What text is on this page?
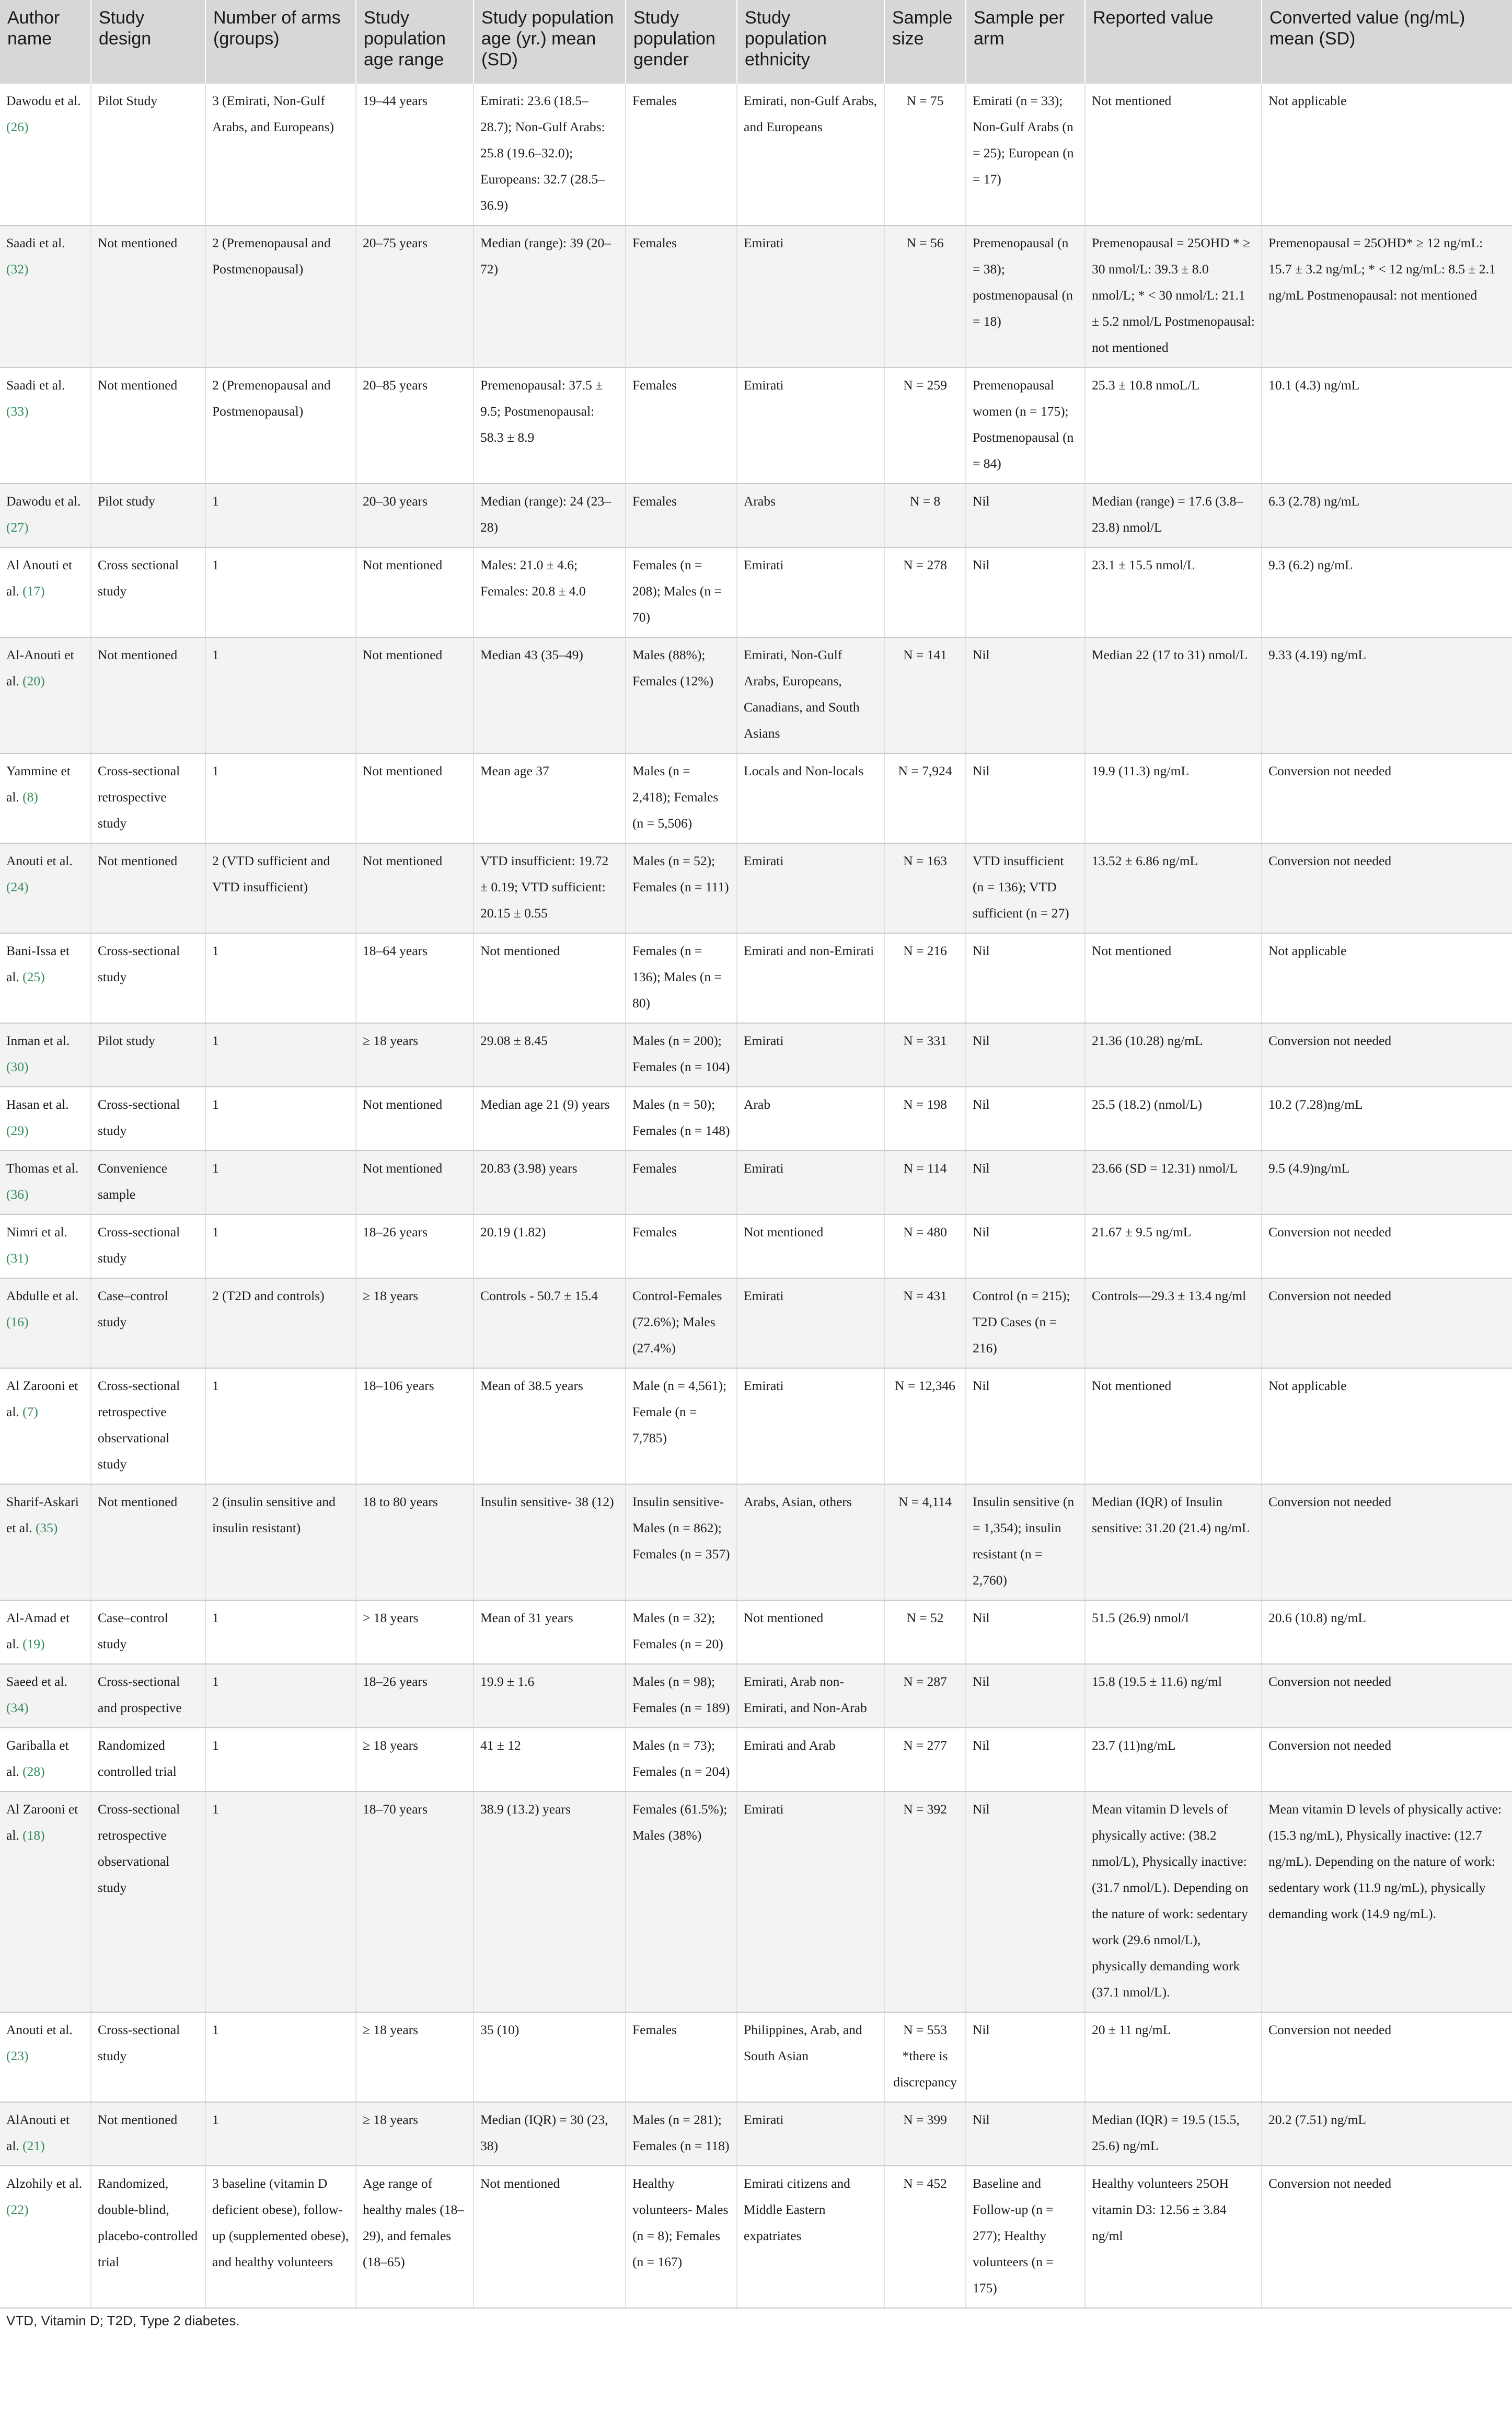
Author name	Study design	Number of arms (groups)	Study population age range	Study population age (yr.) mean (SD)	Study population gender	Study population ethnicity	Sample size	Sample per arm	Reported value	Converted value (ng/mL) mean (SD)
Dawodu et al. (26)	Pilot Study	3 (Emirati, Non-Gulf Arabs, and Europeans)	19–44 years	Emirati: 23.6 (18.5–28.7); Non-Gulf Arabs: 25.8 (19.6–32.0); Europeans: 32.7 (28.5–36.9)	Females	Emirati, non-Gulf Arabs, and Europeans	N = 75	Emirati (n = 33); Non-Gulf Arabs (n = 25); European (n = 17)	Not mentioned	Not applicable
Saadi et al. (32)	Not mentioned	2 (Premenopausal and Postmenopausal)	20–75 years	Median (range): 39 (20–72)	Females	Emirati	N = 56	Premenopausal (n = 38); postmenopausal (n = 18)	Premenopausal = 25OHD * ≥ 30 nmol/L: 39.3 ± 8.0 nmol/L; * < 30 nmol/L: 21.1 ± 5.2 nmol/L Postmenopausal: not mentioned	Premenopausal = 25OHD* ≥ 12 ng/mL: 15.7 ± 3.2 ng/mL; * < 12 ng/mL: 8.5 ± 2.1 ng/mL Postmenopausal: not mentioned
Saadi et al. (33)	Not mentioned	2 (Premenopausal and Postmenopausal)	20–85 years	Premenopausal: 37.5 ± 9.5; Postmenopausal: 58.3 ± 8.9	Females	Emirati	N = 259	Premenopausal women (n = 175); Postmenopausal (n = 84)	25.3 ± 10.8 nmoL/L	10.1 (4.3) ng/mL
Dawodu et al. (27)	Pilot study	1	20–30 years	Median (range): 24 (23–28)	Females	Arabs	N = 8	Nil	Median (range) = 17.6 (3.8–23.8) nmol/L	6.3 (2.78) ng/mL
Al Anouti et al. (17)	Cross sectional study	1	Not mentioned	Males: 21.0 ± 4.6; Females: 20.8 ± 4.0	Females (n = 208); Males (n = 70)	Emirati	N = 278	Nil	23.1 ± 15.5 nmol/L	9.3 (6.2) ng/mL
Al-Anouti et al. (20)	Not mentioned	1	Not mentioned	Median 43 (35–49)	Males (88%); Females (12%)	Emirati, Non-Gulf Arabs, Europeans, Canadians, and South Asians	N = 141	Nil	Median 22 (17 to 31) nmol/L	9.33 (4.19) ng/mL
Yammine et al. (8)	Cross-sectional retrospective study	1	Not mentioned	Mean age 37	Males (n = 2,418); Females (n = 5,506)	Locals and Non-locals	N = 7,924	Nil	19.9 (11.3) ng/mL	Conversion not needed
Anouti et al. (24)	Not mentioned	2 (VTD sufficient and VTD insufficient)	Not mentioned	VTD insufficient: 19.72 ± 0.19; VTD sufficient: 20.15 ± 0.55	Males (n = 52); Females (n = 111)	Emirati	N = 163	VTD insufficient (n = 136); VTD sufficient (n = 27)	13.52 ± 6.86 ng/mL	Conversion not needed
Bani-Issa et al. (25)	Cross-sectional study	1	18–64 years	Not mentioned	Females (n = 136); Males (n = 80)	Emirati and non-Emirati	N = 216	Nil	Not mentioned	Not applicable
Inman et al. (30)	Pilot study	1	≥ 18 years	29.08 ± 8.45	Males (n = 200); Females (n = 104)	Emirati	N = 331	Nil	21.36 (10.28) ng/mL	Conversion not needed
Hasan et al. (29)	Cross-sectional study	1	Not mentioned	Median age 21 (9) years	Males (n = 50); Females (n = 148)	Arab	N = 198	Nil	25.5 (18.2) (nmol/L)	10.2 (7.28)ng/mL
Thomas et al. (36)	Convenience sample	1	Not mentioned	20.83 (3.98) years	Females	Emirati	N = 114	Nil	23.66 (SD = 12.31) nmol/L	9.5 (4.9)ng/mL
Nimri et al. (31)	Cross-sectional study	1	18–26 years	20.19 (1.82)	Females	Not mentioned	N = 480	Nil	21.67 ± 9.5 ng/mL	Conversion not needed
Abdulle et al. (16)	Case–control study	2 (T2D and controls)	≥ 18 years	Controls - 50.7 ± 15.4	Control-Females (72.6%); Males (27.4%)	Emirati	N = 431	Control (n = 215); T2D Cases (n = 216)	Controls—29.3 ± 13.4 ng/ml	Conversion not needed
Al Zarooni et al. (7)	Cross-sectional retrospective observational study	1	18–106 years	Mean of 38.5 years	Male (n = 4,561); Female (n = 7,785)	Emirati	N = 12,346	Nil	Not mentioned	Not applicable
Sharif-Askari et al. (35)	Not mentioned	2 (insulin sensitive and insulin resistant)	18 to 80 years	Insulin sensitive- 38 (12)	Insulin sensitive- Males (n = 862); Females (n = 357)	Arabs, Asian, others	N = 4,114	Insulin sensitive (n = 1,354); insulin resistant (n = 2,760)	Median (IQR) of Insulin sensitive: 31.20 (21.4) ng/mL	Conversion not needed
Al-Amad et al. (19)	Case–control study	1	> 18 years	Mean of 31 years	Males (n = 32); Females (n = 20)	Not mentioned	N = 52	Nil	51.5 (26.9) nmol/l	20.6 (10.8) ng/mL
Saeed et al. (34)	Cross-sectional and prospective	1	18–26 years	19.9 ± 1.6	Males (n = 98); Females (n = 189)	Emirati, Arab non-Emirati, and Non-Arab	N = 287	Nil	15.8 (19.5 ± 11.6) ng/ml	Conversion not needed
Gariballa et al. (28)	Randomized controlled trial	1	≥ 18 years	41 ± 12	Males (n = 73); Females (n = 204)	Emirati and Arab	N = 277	Nil	23.7 (11)ng/mL	Conversion not needed
Al Zarooni et al. (18)	Cross-sectional retrospective observational study	1	18–70 years	38.9 (13.2) years	Females (61.5%); Males (38%)	Emirati	N = 392	Nil	Mean vitamin D levels of physically active: (38.2 nmol/L), Physically inactive: (31.7 nmol/L). Depending on the nature of work: sedentary work (29.6 nmol/L), physically demanding work (37.1 nmol/L).	Mean vitamin D levels of physically active: (15.3 ng/mL), Physically inactive: (12.7 ng/mL). Depending on the nature of work: sedentary work (11.9 ng/mL), physically demanding work (14.9 ng/mL).
Anouti et al. (23)	Cross-sectional study	1	≥ 18 years	35 (10)	Females	Philippines, Arab, and South Asian	N = 553 *there is discrepancy	Nil	20 ± 11 ng/mL	Conversion not needed
AlAnouti et al. (21)	Not mentioned	1	≥ 18 years	Median (IQR) = 30 (23, 38)	Males (n = 281); Females (n = 118)	Emirati	N = 399	Nil	Median (IQR) = 19.5 (15.5, 25.6) ng/mL	20.2 (7.51) ng/mL
Alzohily et al. (22)	Randomized, double-blind, placebo-controlled trial	3 baseline (vitamin D deficient obese), follow-up (supplemented obese), and healthy volunteers	Age range of healthy males (18–29), and females (18–65)	Not mentioned	Healthy volunteers- Males (n = 8); Females (n = 167)	Emirati citizens and Middle Eastern expatriates	N = 452	Baseline and Follow-up (n = 277); Healthy volunteers (n = 175)	Healthy volunteers 25OH vitamin D3: 12.56 ± 3.84 ng/ml	Conversion not needed
VTD, Vitamin D; T2D, Type 2 diabetes.
